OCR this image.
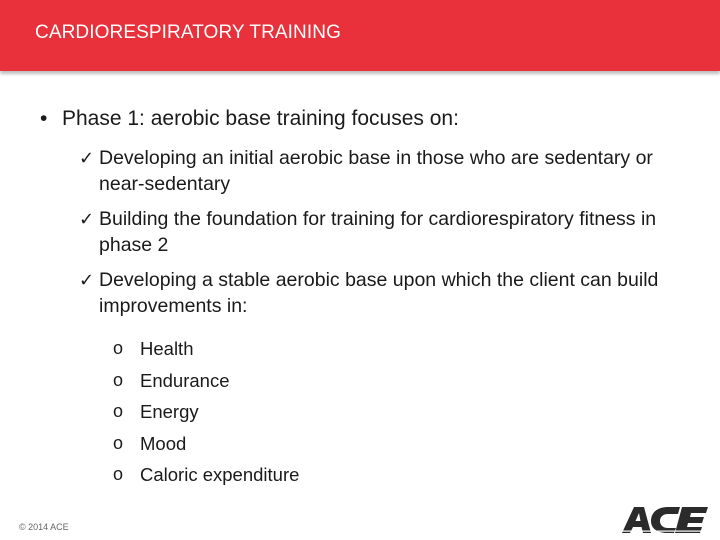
CARDIORESPIRATORY TRAINING
• Phase 1: aerobic base training focuses on:
✓ Developing an initial aerobic base in those who are sedentary or near-sedentary
✓ Building the foundation for training for cardiorespiratory fitness in phase 2
✓ Developing a stable aerobic base upon which the client can build improvements in:
o Health
o Endurance
o Energy
o Mood
o Caloric expenditure
© 2014 ACE
